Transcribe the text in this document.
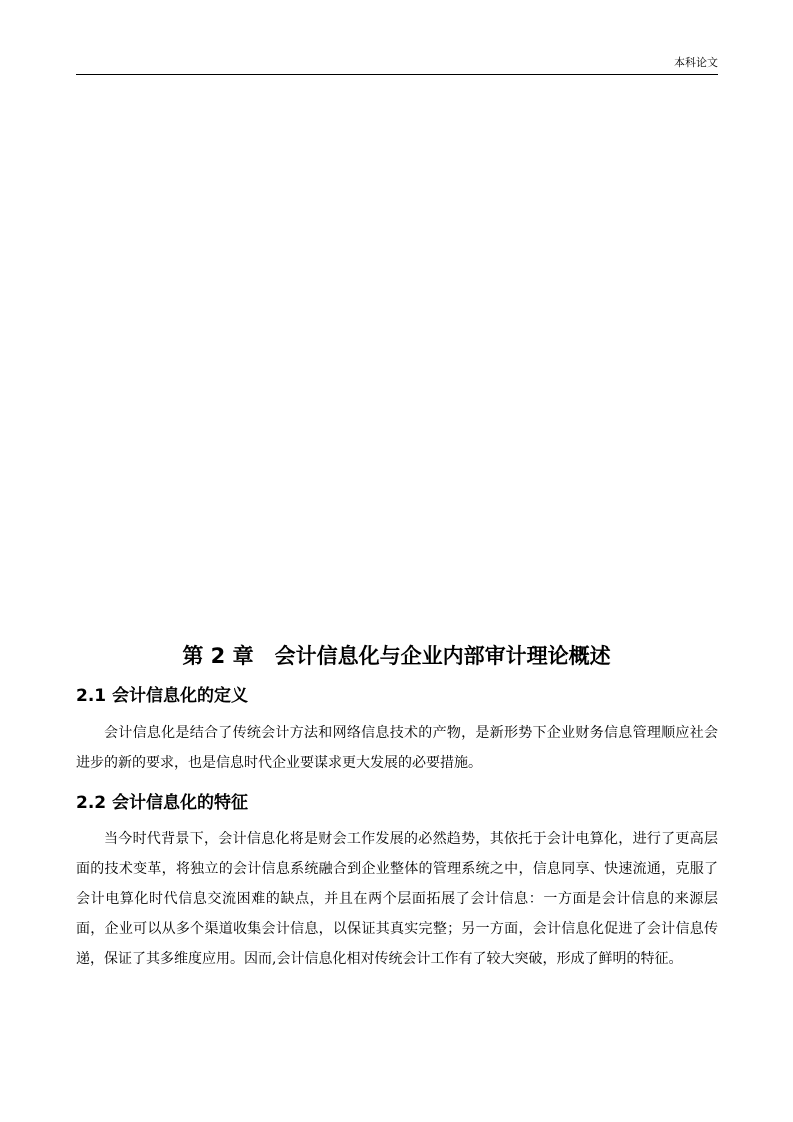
本科论文
第 2 章　会计信息化与企业内部审计理论概述
2.1 会计信息化的定义

会计信息化是结合了传统会计方法和网络信息技术的产物，是新形势下企业财务信息管理顺应社会进步的新的要求，也是信息时代企业要谋求更大发展的必要措施。

2.2 会计信息化的特征

当今时代背景下，会计信息化将是财会工作发展的必然趋势，其依托于会计电算化，进行了更高层面的技术变革，将独立的会计信息系统融合到企业整体的管理系统之中，信息同享、快速流通，克服了会计电算化时代信息交流困难的缺点，并且在两个层面拓展了会计信息：一方面是会计信息的来源层面，企业可以从多个渠道收集会计信息，以保证其真实完整；另一方面，会计信息化促进了会计信息传递，保证了其多维度应用。因而,会计信息化相对传统会计工作有了较大突破，形成了鲜明的特征。
